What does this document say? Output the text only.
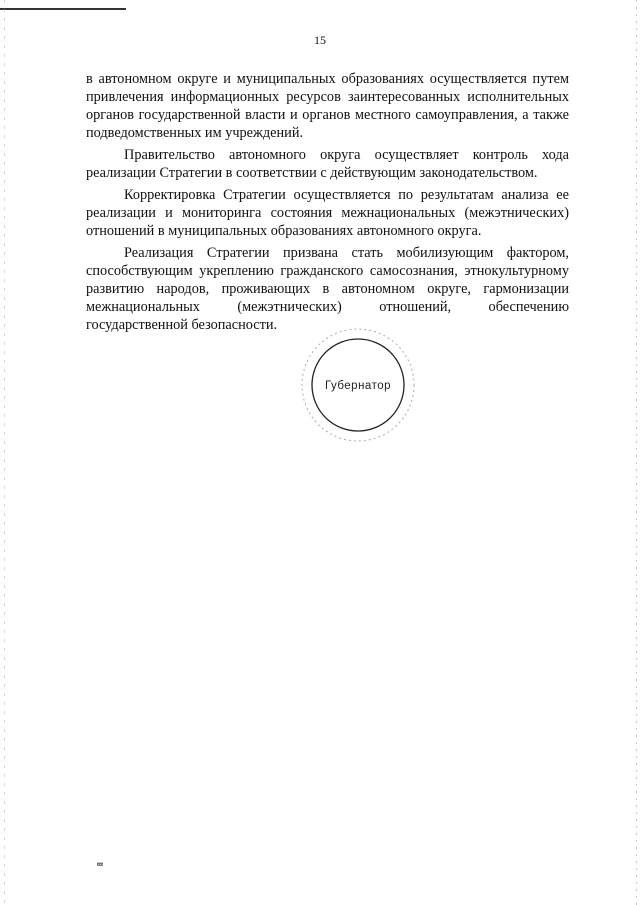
15

в автономном округе и муниципальных образованиях осуществляется путем привлечения информационных ресурсов заинтересованных исполнительных органов государственной власти и органов местного самоуправления, а также подведомственных им учреждений.

Правительство автономного округа осуществляет контроль хода реализации Стратегии в соответствии с действующим законодательством.

Корректировка Стратегии осуществляется по результатам анализа ее реализации и мониторинга состояния межнациональных (межэтнических) отношений в муниципальных образованиях автономного округа.

Реализация Стратегии призвана стать мобилизующим фактором, способствующим укреплению гражданского самосознания, этнокультурному развитию народов, проживающих в автономном округе, гармонизации межнациональных (межэтнических) отношений, обеспечению государственной безопасности.

Губернатор
ttt
